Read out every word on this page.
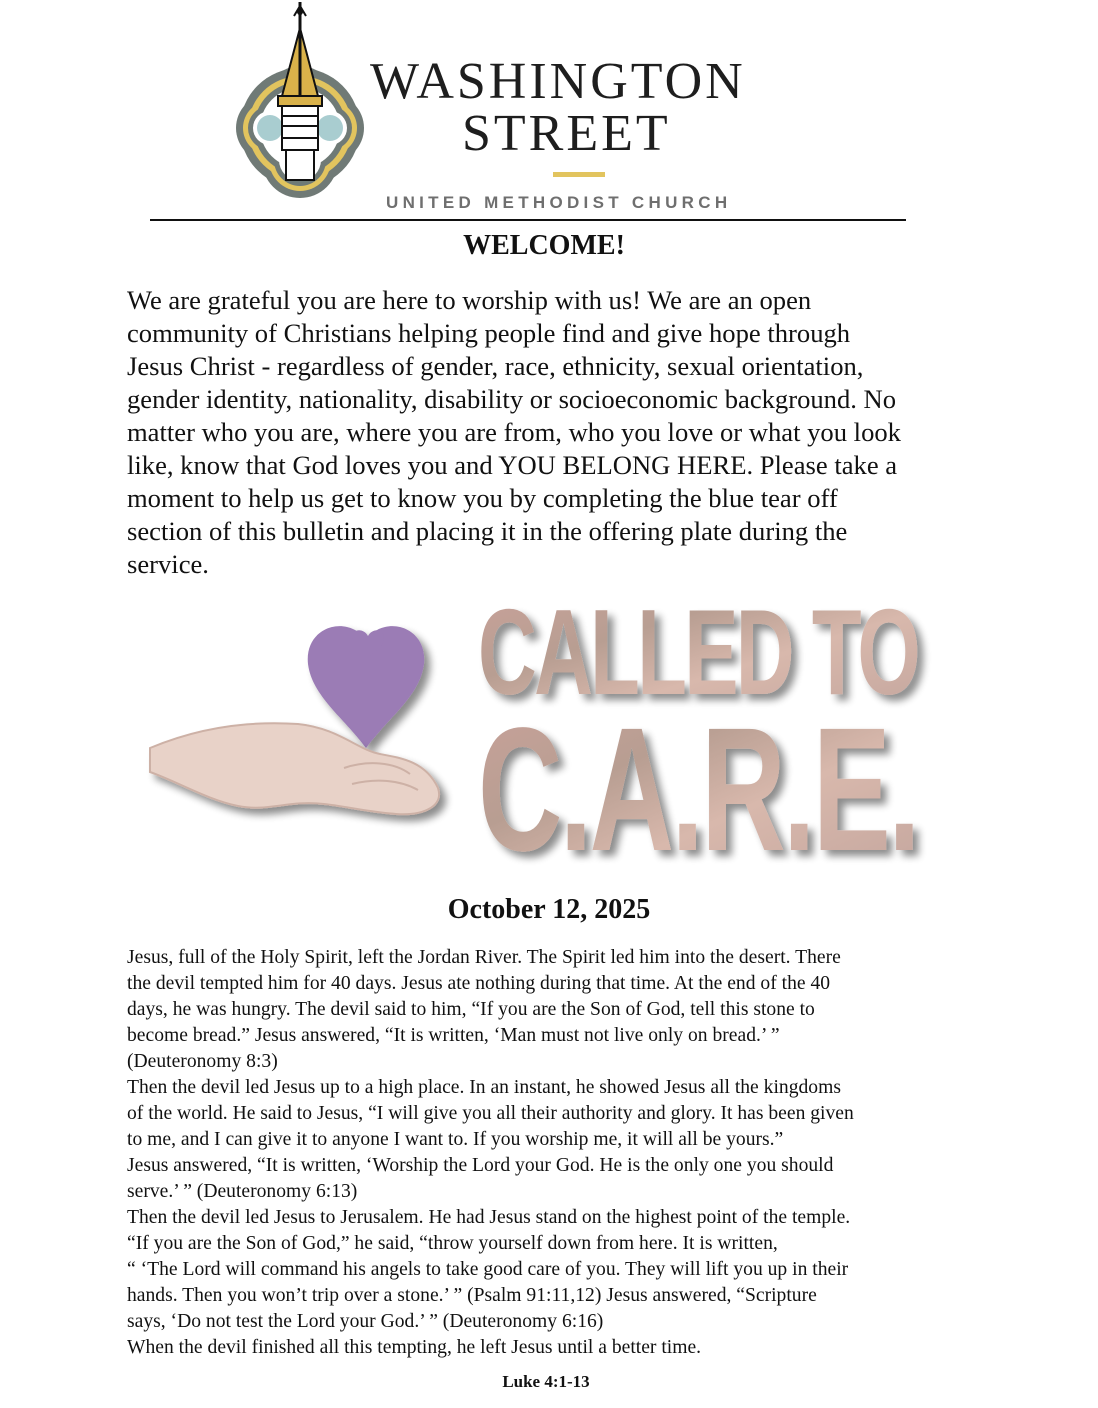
WASHINGTON
STREET
UNITED METHODIST CHURCH
WELCOME!
We are grateful you are here to worship with us! We are an open
community of Christians helping people find and give hope through
Jesus Christ - regardless of gender, race, ethnicity, sexual orientation,
gender identity, nationality, disability or socioeconomic background. No
matter who you are, where you are from, who you love or what you look
like, know that God loves you and YOU BELONG HERE. Please take a
moment to help us get to know you by completing the blue tear off
section of this bulletin and placing it in the offering plate during the
service.
CALLED TO
C.A.R.E.
October 12, 2025

Jesus, full of the Holy Spirit, left the Jordan River. The Spirit led him into the desert. There

the devil tempted him for 40 days. Jesus ate nothing during that time. At the end of the 40

days, he was hungry. The devil said to him, “If you are the Son of God, tell this stone to

become bread.” Jesus answered, “It is written, ‘Man must not live only on bread.’ ”

(Deuteronomy 8:3)

Then the devil led Jesus up to a high place. In an instant, he showed Jesus all the kingdoms

of the world. He said to Jesus, “I will give you all their authority and glory. It has been given

to me, and I can give it to anyone I want to. If you worship me, it will all be yours.”

Jesus answered, “It is written, ‘Worship the Lord your God. He is the only one you should

serve.’ ” (Deuteronomy 6:13)

Then the devil led Jesus to Jerusalem. He had Jesus stand on the highest point of the temple.

“If you are the Son of God,” he said, “throw yourself down from here. It is written,

“ ‘The Lord will command his angels to take good care of you. They will lift you up in their

hands. Then you won’t trip over a stone.’ ” (Psalm 91:11,12) Jesus answered, “Scripture

says, ‘Do not test the Lord your God.’ ” (Deuteronomy 6:16)

When the devil finished all this tempting, he left Jesus until a better time.

Luke 4:1-13
